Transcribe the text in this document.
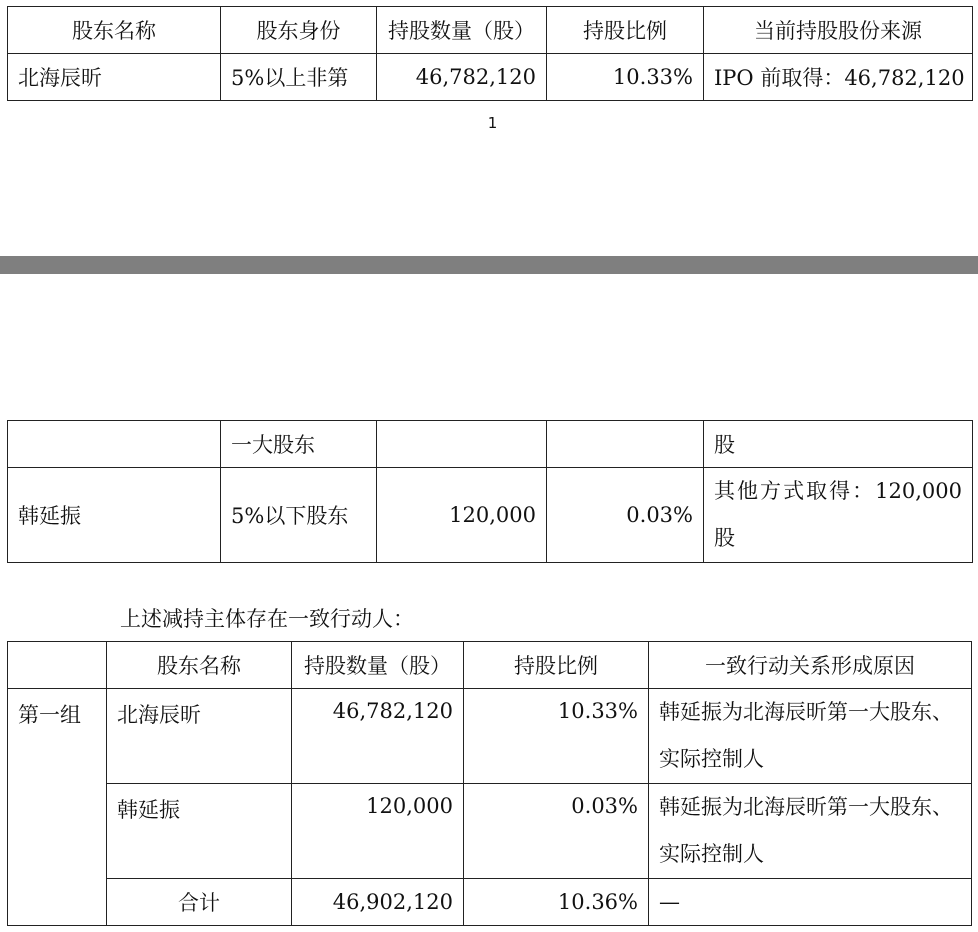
股东名称	股东身份	持股数量（股）	持股比例	当前持股股份来源
北海辰昕	5%以上非第	46,782,120	10.33%	IPO 前取得：46,782,120
1
	一大股东			股
韩延振	5%以下股东	120,000	0.03%	其他方式取得：120,000 股
上述减持主体存在一致行动人：
	股东名称	持股数量（股）	持股比例	一致行动关系形成原因
第一组	北海辰昕	46,782,120	10.33%	韩延振为北海辰昕第一大股东、实际控制人
	韩延振	120,000	0.03%	韩延振为北海辰昕第一大股东、实际控制人
	合计	46,902,120	10.36%	—
